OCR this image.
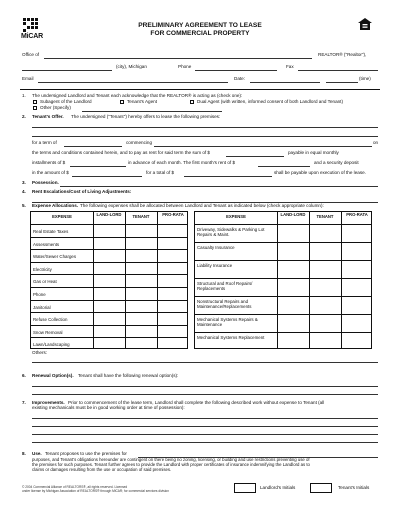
MiCAR
PRELIMINARY AGREEMENT TO LEASE
FOR COMMERCIAL PROPERTY
Office of	REALTOR® ("Realtor"),
(city), Michigan	Phone	Fax
Email	Date:	(time)
1. The undersigned Landlord and Tenant each acknowledge that the REALTOR® is acting as (check one):
Subagent of the Landlord	Tenant's Agent	Dual Agent (with written, informed consent of both Landlord and Tenant)
Other (Specify)
2. Tenant's Offer. The undersigned ("Tenant") hereby offers to lease the following premises:
for a term of	commencing	on
the terms and conditions contained herein, and to pay as rent for said term the sum of $	payable in equal monthly
installments of $	in advance of each month. The first month's rent of $	and a security deposit
in the amount of $	for a total of $	shall be payable upon execution of the lease.
3. Possession.
4. Rent Escalations/Cost of Living Adjustments:
5. Expense Allocations. The following expenses shall be allocated between Landlord and Tenant as indicated below (check appropriate column):
EXPENSE	LAND-LORD	TENANT	PRO-RATA
Real Estate Taxes
Assessments
Water/Sewer Charges
Electricity
Gas or Heat
Phone
Janitorial
Refuse Collection
Snow Removal
Lawn/Landscaping
EXPENSE	LAND-LORD	TENANT	PRO-RATA
Driveway, Sidewalks & Parking Lot Repairs & Maint.
Casualty Insurance
Liability Insurance
Structural and Roof Repairs/ Replacements
Nonstructural Repairs and Maintenance/Replacements
Mechanical Systems Repairs & Maintenance
Mechanical Systems Replacement
Others:
6. Renewal Option(s). Tenant shall have the following renewal option(s):
7. Improvements. Prior to commencement of the lease term, Landlord shall complete the following described work without expense to Tenant (all
existing mechanicals must be in good working order at time of possession):
8. Use. Tenant proposes to use the premises for
purposes, and Tenant's obligations hereunder are contingent on there being no zoning, licensing, or building and use restrictions preventing use of
the premises for such purposes. Tenant further agrees to provide the Landlord with proper certificates of insurance indemnifying the Landlord as to
claims or damages resulting from the use or occupation of said premises.
© 2004 Commercial Alliance of REALTORS®, all rights reserved. Licensed
under license by Michigan Association of REALTORS® through MiCAR; for commercial services division
Landlord's Initials	Tenant's Initials
